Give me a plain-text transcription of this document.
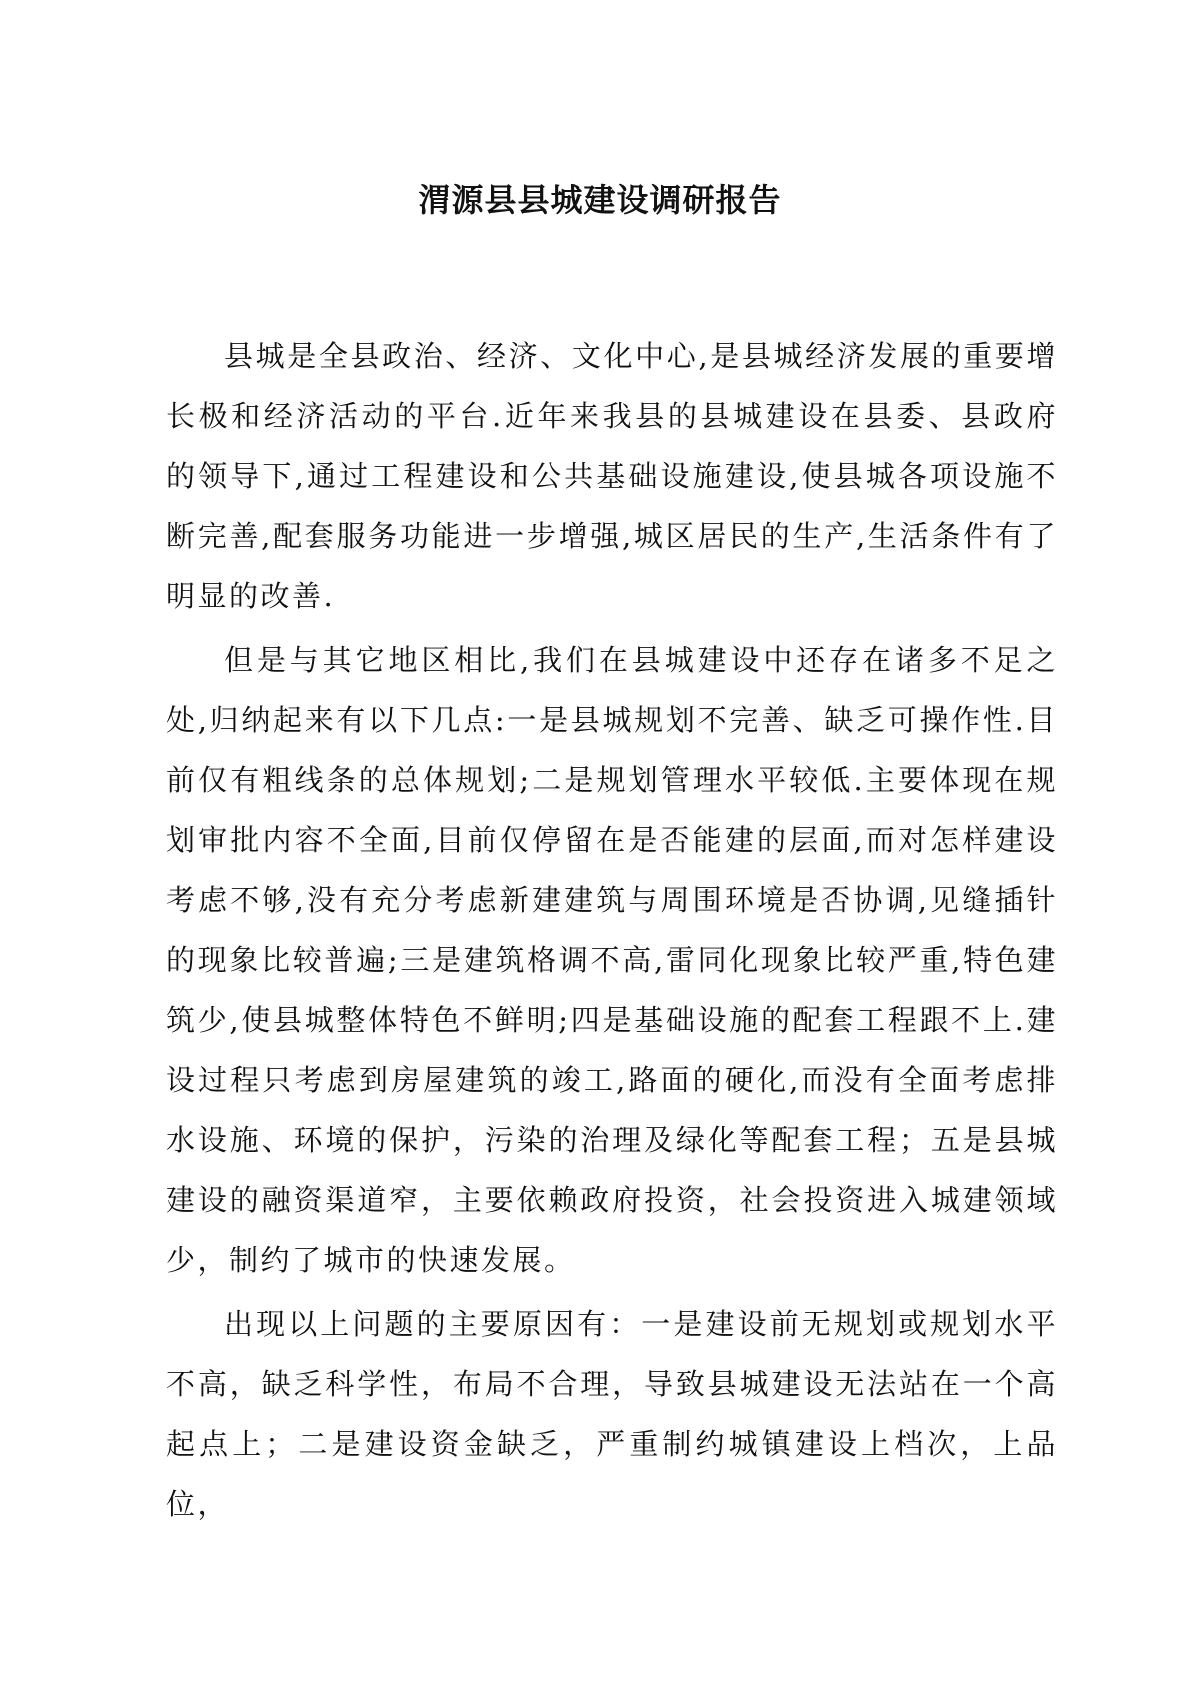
渭源县县城建设调研报告

县城是全县政治、经济、文化中心,是县城经济发展的重要增长极和经济活动的平台.近年来我县的县城建设在县委、县政府的领导下,通过工程建设和公共基础设施建设,使县城各项设施不断完善,配套服务功能进一步增强,城区居民的生产,生活条件有了明显的改善.

但是与其它地区相比,我们在县城建设中还存在诸多不足之处,归纳起来有以下几点:一是县城规划不完善、缺乏可操作性.目前仅有粗线条的总体规划;二是规划管理水平较低.主要体现在规划审批内容不全面,目前仅停留在是否能建的层面,而对怎样建设考虑不够,没有充分考虑新建建筑与周围环境是否协调,见缝插针的现象比较普遍;三是建筑格调不高,雷同化现象比较严重,特色建筑少,使县城整体特色不鲜明;四是基础设施的配套工程跟不上.建设过程只考虑到房屋建筑的竣工,路面的硬化,而没有全面考虑排水设施、环境的保护，污染的治理及绿化等配套工程；五是县城建设的融资渠道窄，主要依赖政府投资，社会投资进入城建领域少，制约了城市的快速发展。

出现以上问题的主要原因有：一是建设前无规划或规划水平不高，缺乏科学性，布局不合理，导致县城建设无法站在一个高起点上；二是建设资金缺乏，严重制约城镇建设上档次，上品位，
